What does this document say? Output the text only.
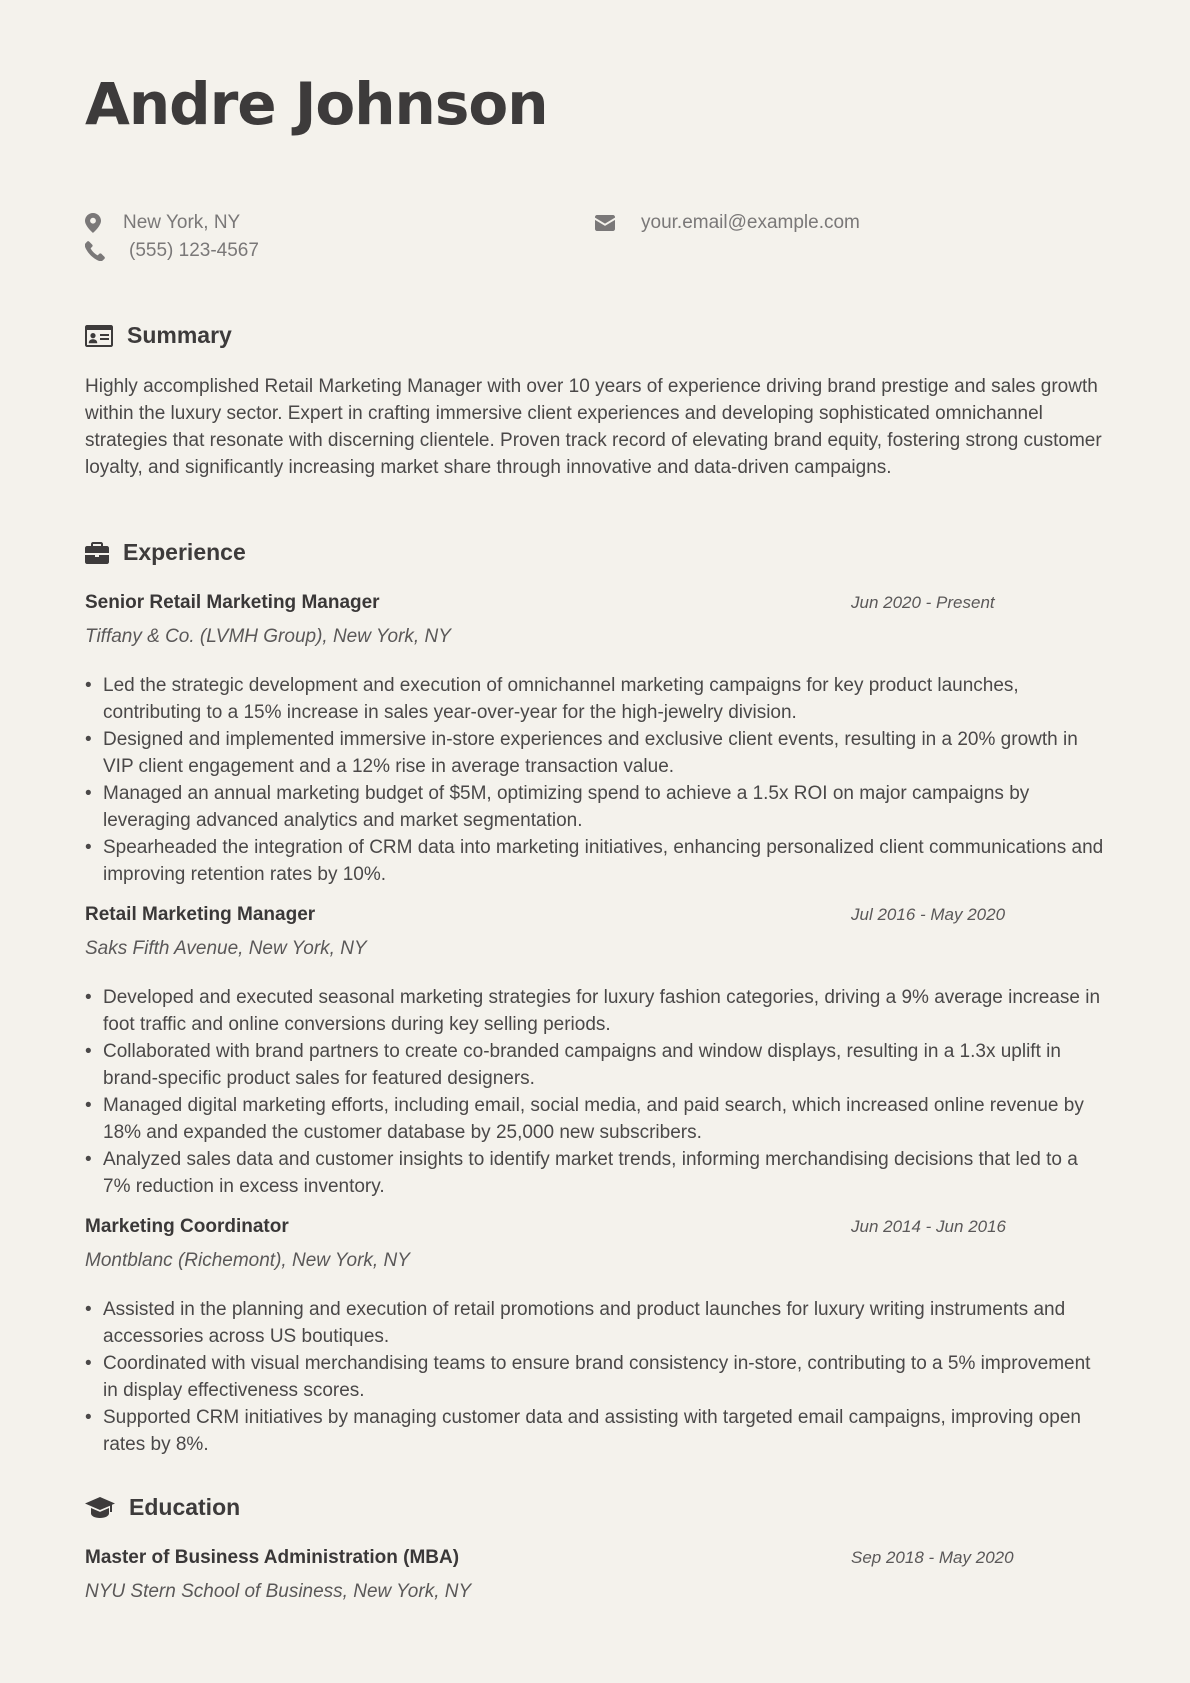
Andre Johnson
New York, NY	your.email@example.com
(555) 123-4567
Summary

Highly accomplished Retail Marketing Manager with over 10 years of experience driving brand prestige and sales growth within the luxury sector. Expert in crafting immersive client experiences and developing sophisticated omnichannel strategies that resonate with discerning clientele. Proven track record of elevating brand equity, fostering strong customer loyalty, and significantly increasing market share through innovative and data-driven campaigns.

Experience
Senior Retail Marketing Manager	Jun 2020 - Present
Tiffany & Co. (LVMH Group), New York, NY
• Led the strategic development and execution of omnichannel marketing campaigns for key product launches, contributing to a 15% increase in sales year-over-year for the high-jewelry division.
• Designed and implemented immersive in-store experiences and exclusive client events, resulting in a 20% growth in VIP client engagement and a 12% rise in average transaction value.
• Managed an annual marketing budget of $5M, optimizing spend to achieve a 1.5x ROI on major campaigns by leveraging advanced analytics and market segmentation.
• Spearheaded the integration of CRM data into marketing initiatives, enhancing personalized client communications and improving retention rates by 10%.
Retail Marketing Manager	Jul 2016 - May 2020
Saks Fifth Avenue, New York, NY
• Developed and executed seasonal marketing strategies for luxury fashion categories, driving a 9% average increase in foot traffic and online conversions during key selling periods.
• Collaborated with brand partners to create co-branded campaigns and window displays, resulting in a 1.3x uplift in brand-specific product sales for featured designers.
• Managed digital marketing efforts, including email, social media, and paid search, which increased online revenue by 18% and expanded the customer database by 25,000 new subscribers.
• Analyzed sales data and customer insights to identify market trends, informing merchandising decisions that led to a 7% reduction in excess inventory.
Marketing Coordinator	Jun 2014 - Jun 2016
Montblanc (Richemont), New York, NY
• Assisted in the planning and execution of retail promotions and product launches for luxury writing instruments and accessories across US boutiques.
• Coordinated with visual merchandising teams to ensure brand consistency in-store, contributing to a 5% improvement in display effectiveness scores.
• Supported CRM initiatives by managing customer data and assisting with targeted email campaigns, improving open rates by 8%.
Education
Master of Business Administration (MBA)	Sep 2018 - May 2020
NYU Stern School of Business, New York, NY
